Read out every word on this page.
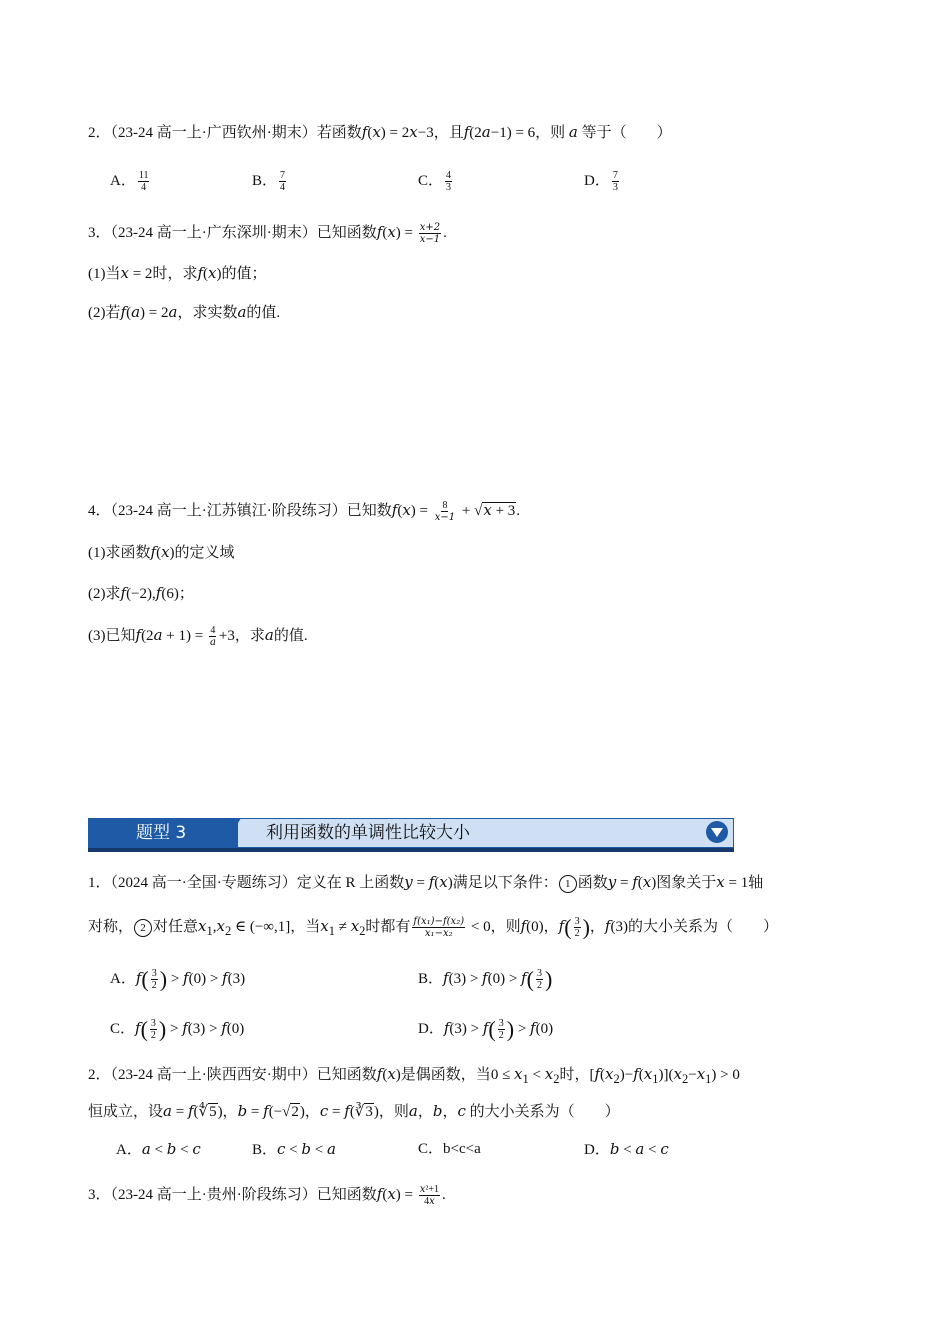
2．（23-24 高一上·广西钦州·期末）若函数f(x) = 2x−3，且f(2a−1) = 6，则 a 等于（　　）
A． $\frac{11}{4}$	B． $\frac{7}{4}$	C． $\frac{4}{3}$	D． $\frac{7}{3}$
3．（23-24 高一上·广东深圳·期末）已知函数$f(x) = \frac{x+2}{x-1}$ .
(1)当x = 2时，求f(x)的值；
(2)若f(a) = 2a，求实数a的值.
4．（23-24 高一上·江苏镇江·阶段练习）已知数$f(x) = \frac{8}{x-1} + √x + 3$.
(1)求函数f(x)的定义域
(2)求f(−2),f(6)；
(3)已知$f(2a + 1) = \frac{4}{a} +3$，求a的值.
题型 3	利用函数的单调性比较大小
1．（2024 高一·全国·专题练习）定义在 R 上函数y = f(x)满足以下条件： 1 函数y = f(x)图象关于x = 1轴
对称， 2 对任意$x_1,x_2$ ∈ (−∞,1]，当$x_1 \ne x_2$时都有 $\frac{\text{f(x₁)−f(x₂)}}{\text{x₁−x₂}} < 0$，则f(0)，$f( \frac{3}{2}$ )，f(3)的大小关系为（　　）
A．$f( \frac{3}{2}$ ) > f(0) > f(3)	B．$f(3) > f(0) > f( \frac{3}{2}$ )
C．$f( \frac{3}{2}$ ) > f(3) > f(0)	D．$f(3) > f( \frac{3}{2}$ ) > f(0)
2．（23-24 高一上·陕西西安·期中）已知函数f(x)是偶函数，当$0 \le x_1 < x_2$时，$[f(x_2)-f(x_1)](x_2-x_1) > 0$
恒成立，设a = f(∜5)，b = f(−√2)，c = f(∛3)，则a，b，c 的大小关系为（　　）
A．a < b < c	B．c < b < a	C．b<c<a	D．b < a < c
3．（23-24 高一上·贵州·阶段练习）已知函数$f(x) = \frac{\text{x²+1}}{4x}$ .
